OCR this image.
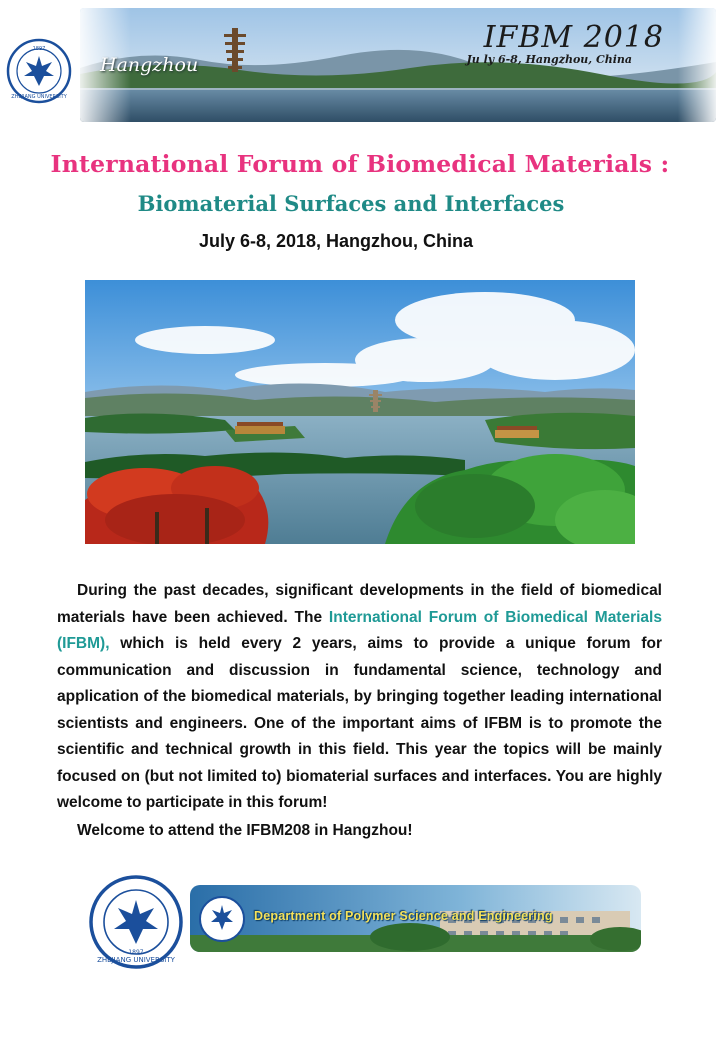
ZHEJIANG UNIVERSITY
1897
Hangzhou
IFBM 2018
Ju ly 6-8, Hangzhou, China
International Forum of Biomedical Materials :
Biomaterial Surfaces and Interfaces
July 6-8, 2018, Hangzhou, China
During the past decades, significant developments in the field of biomedical materials have been achieved. The International Forum of Biomedical Materials (IFBM), which is held every 2 years, aims to provide a unique forum for communication and discussion in fundamental science, technology and application of the biomedical materials, by bringing together leading international scientists and engineers. One of the important aims of IFBM is to promote the scientific and technical growth in this field. This year the topics will be mainly focused on (but not limited to) biomaterial surfaces and interfaces. You are highly welcome to participate in this forum!
Welcome to attend the IFBM208 in Hangzhou!
ZHEJIANG UNIVERSITY
1897
Department of Polymer Science and Engineering
